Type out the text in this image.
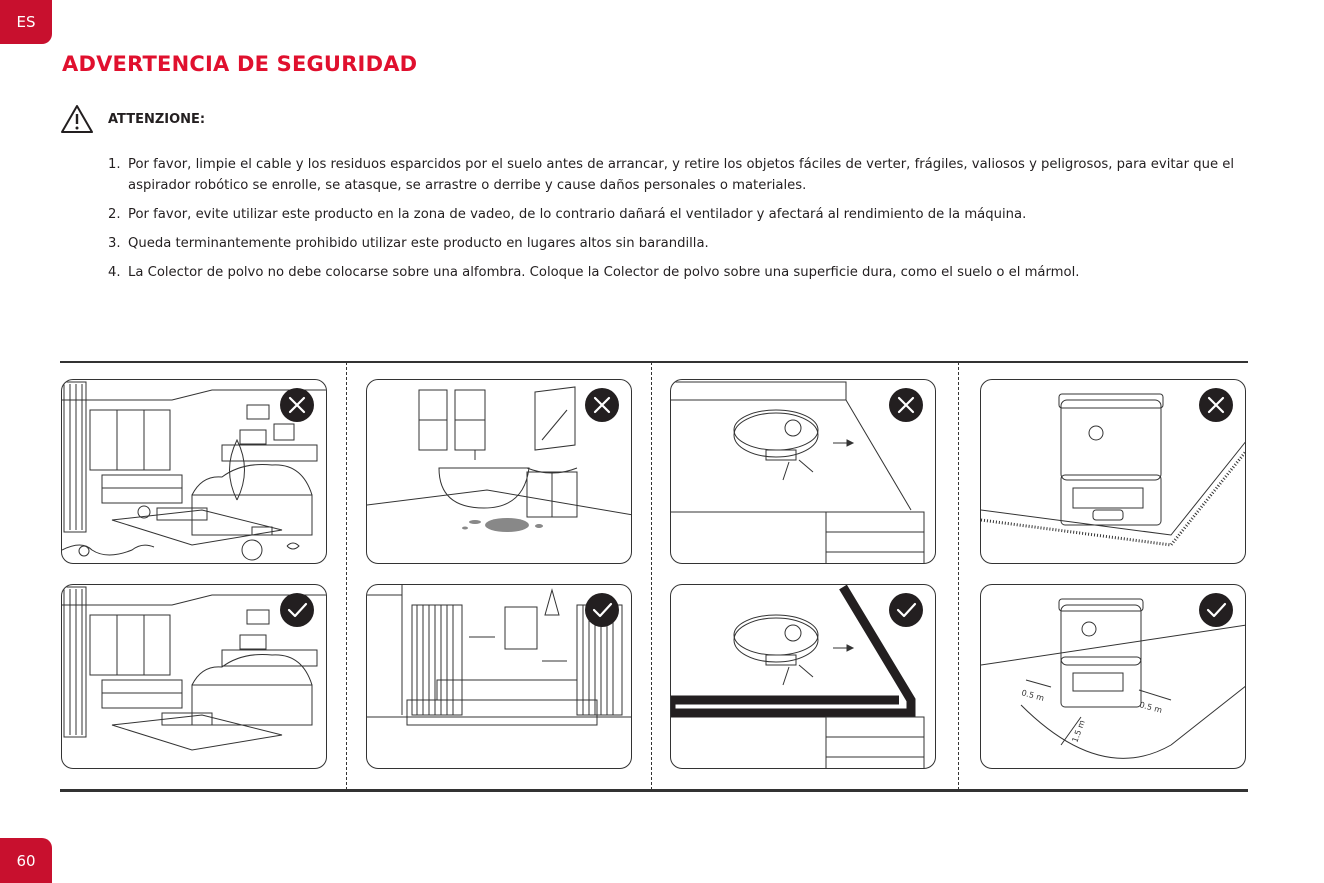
ES
ADVERTENCIA DE SEGURIDAD
ATTENZIONE:
1. Por favor, limpie el cable y los residuos esparcidos por el suelo antes de arrancar, y retire los objetos fáciles de verter, frágiles, valiosos y peligrosos, para evitar que el aspirador robótico se enrolle, se atasque, se arrastre o derribe y cause daños personales o materiales.
2. Por favor, evite utilizar este producto en la zona de vadeo, de lo contrario dañará el ventilador y afectará al rendimiento de la máquina.
3. Queda terminantemente prohibido utilizar este producto en lugares altos sin barandilla.
4. La Colector de polvo no debe colocarse sobre una alfombra. Coloque la Colector de polvo sobre una superficie dura, como el suelo o el mármol.
0.5 m
0.5 m
1.5 m
60
